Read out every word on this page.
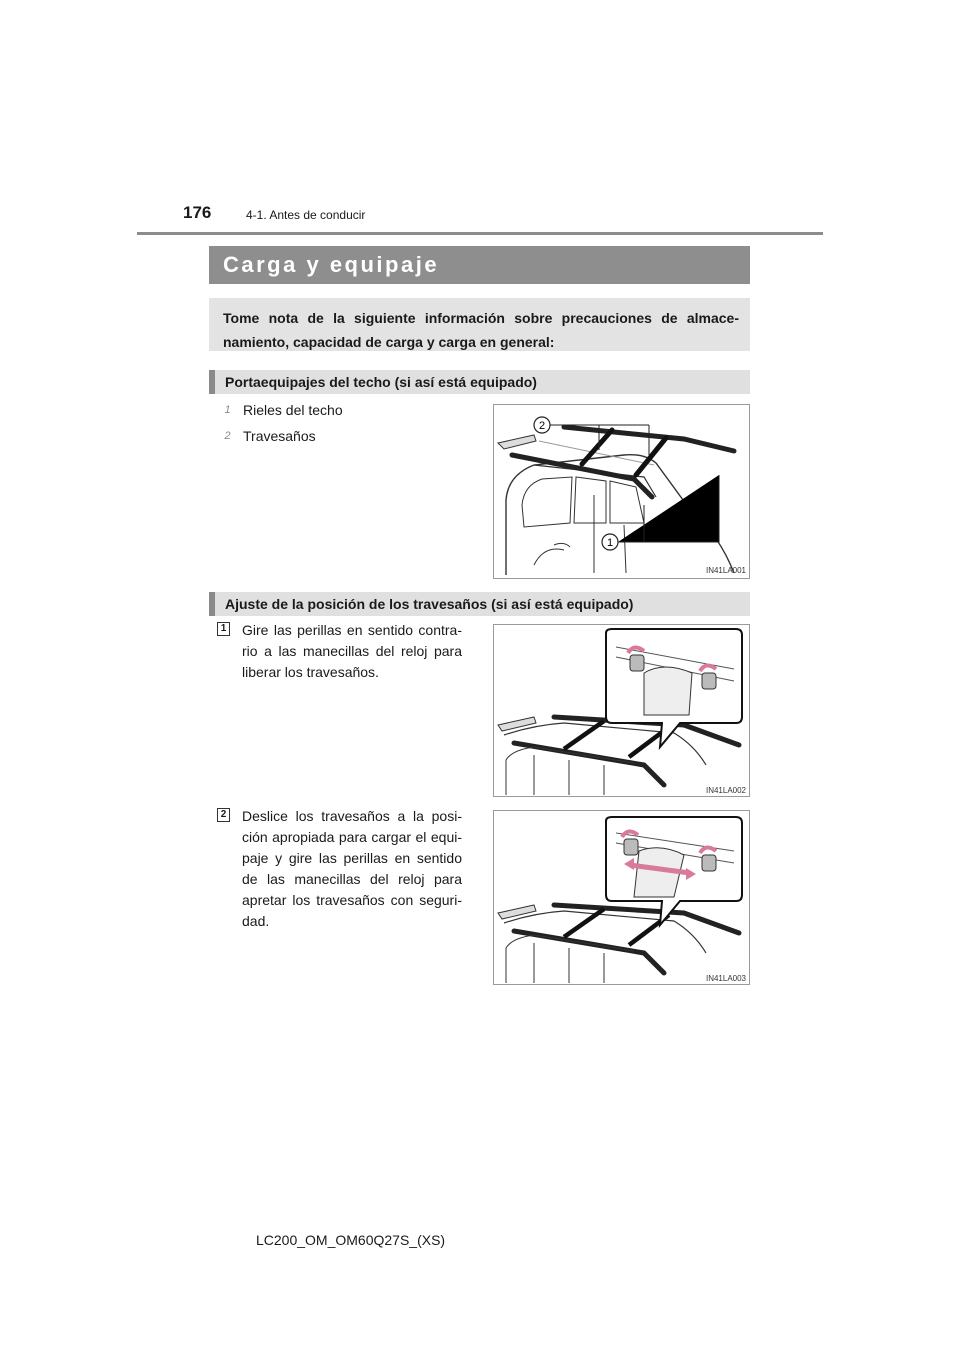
176	4-1. Antes de conducir
Carga y equipaje
Tome nota de la siguiente información sobre precauciones de almace-namiento, capacidad de carga y carga en general:
Portaequipajes del techo (si así está equipado)
1 Rieles del techo
2 Travesaños
2
1
IN41LA001
Ajuste de la posición de los travesaños (si así está equipado)
1 Gire las perillas en sentido contra-rio a las manecillas del reloj para liberar los travesaños.
IN41LA002
2 Deslice los travesaños a la posi-ción apropiada para cargar el equi-paje y gire las perillas en sentido de las manecillas del reloj para apretar los travesaños con seguri-dad.
IN41LA003
LC200_OM_OM60Q27S_(XS)
